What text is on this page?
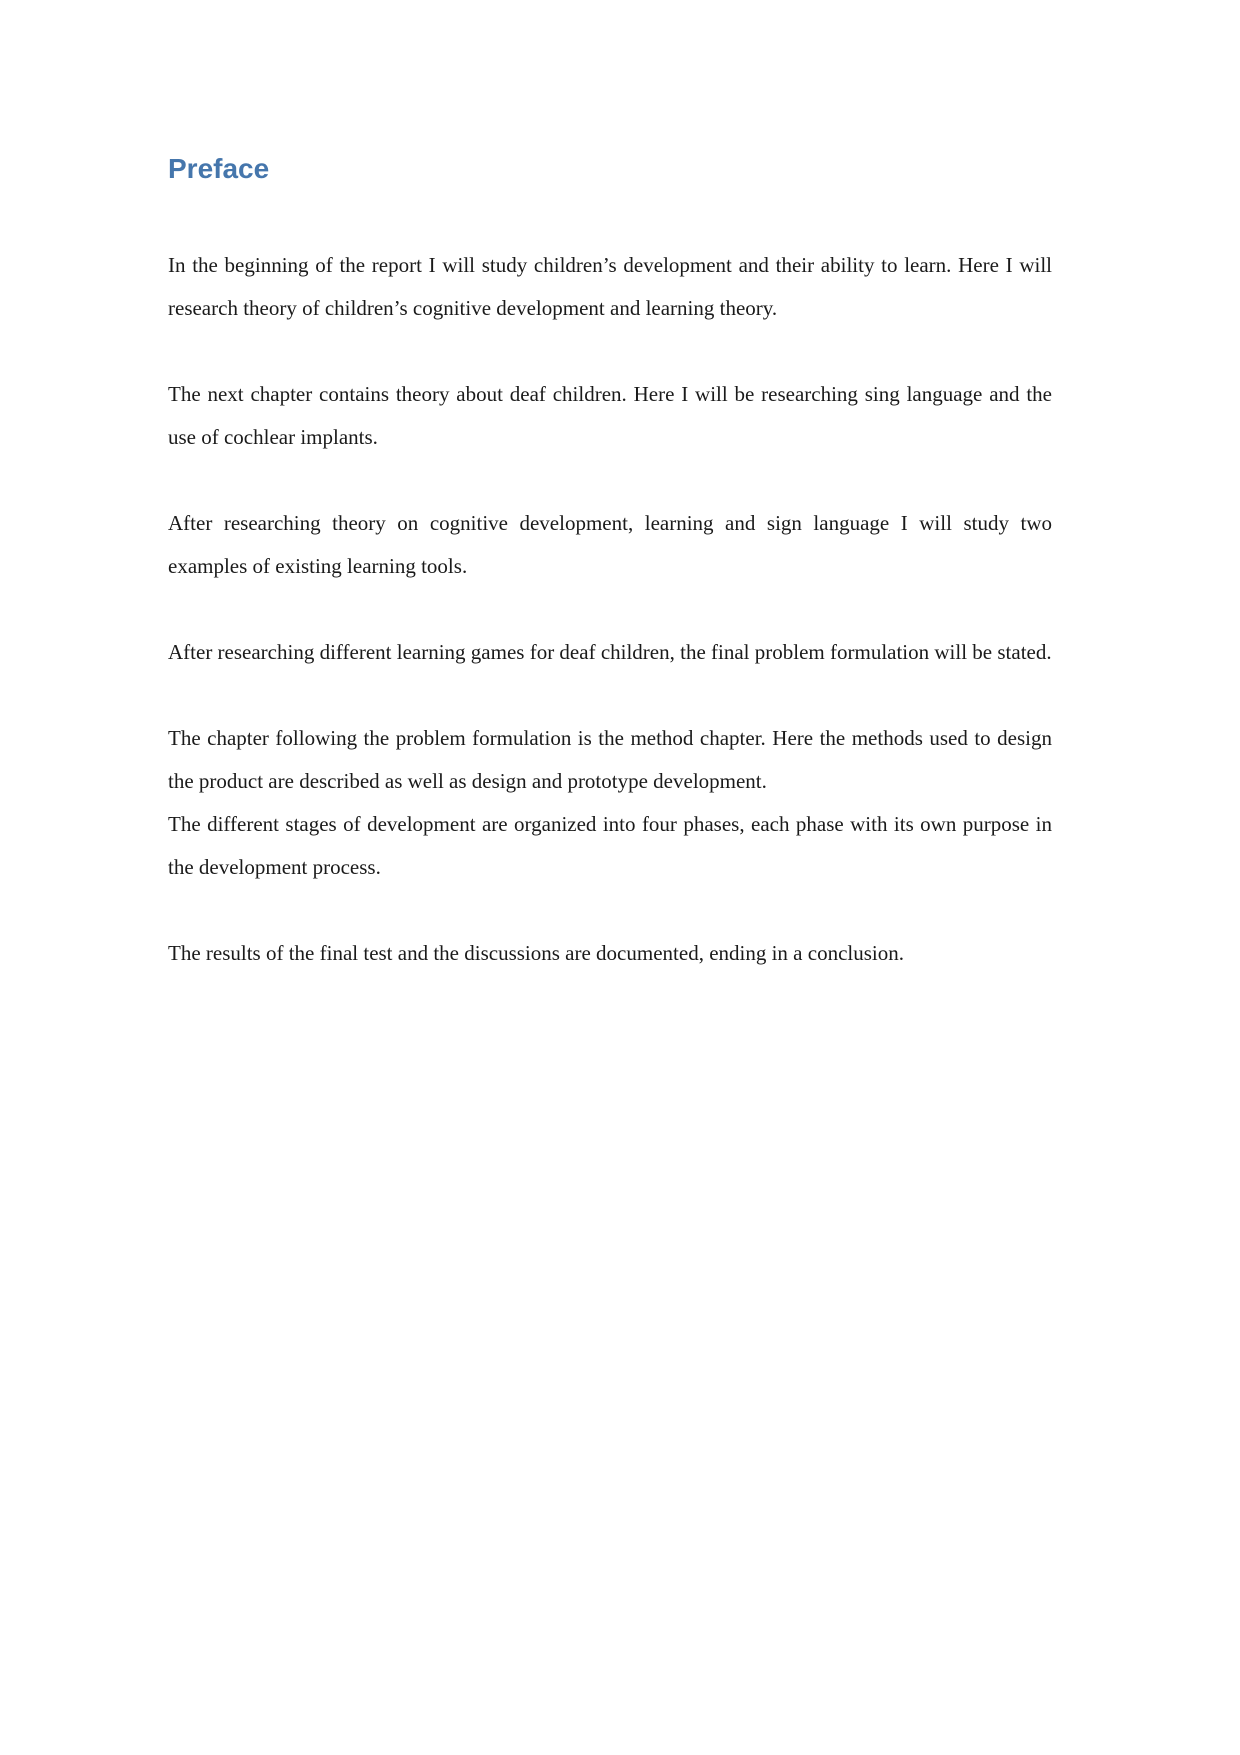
Preface

In the beginning of the report I will study children’s development and their ability to learn. Here I will research theory of children’s cognitive development and learning theory.

The next chapter contains theory about deaf children. Here I will be researching sing language and the use of cochlear implants.

After researching theory on cognitive development, learning and sign language I will study two examples of existing learning tools.

After researching different learning games for deaf children, the final problem formulation will be stated.

The chapter following the problem formulation is the method chapter. Here the methods used to design the product are described as well as design and prototype development.

The different stages of development are organized into four phases, each phase with its own purpose in the development process.

The results of the final test and the discussions are documented, ending in a conclusion.
